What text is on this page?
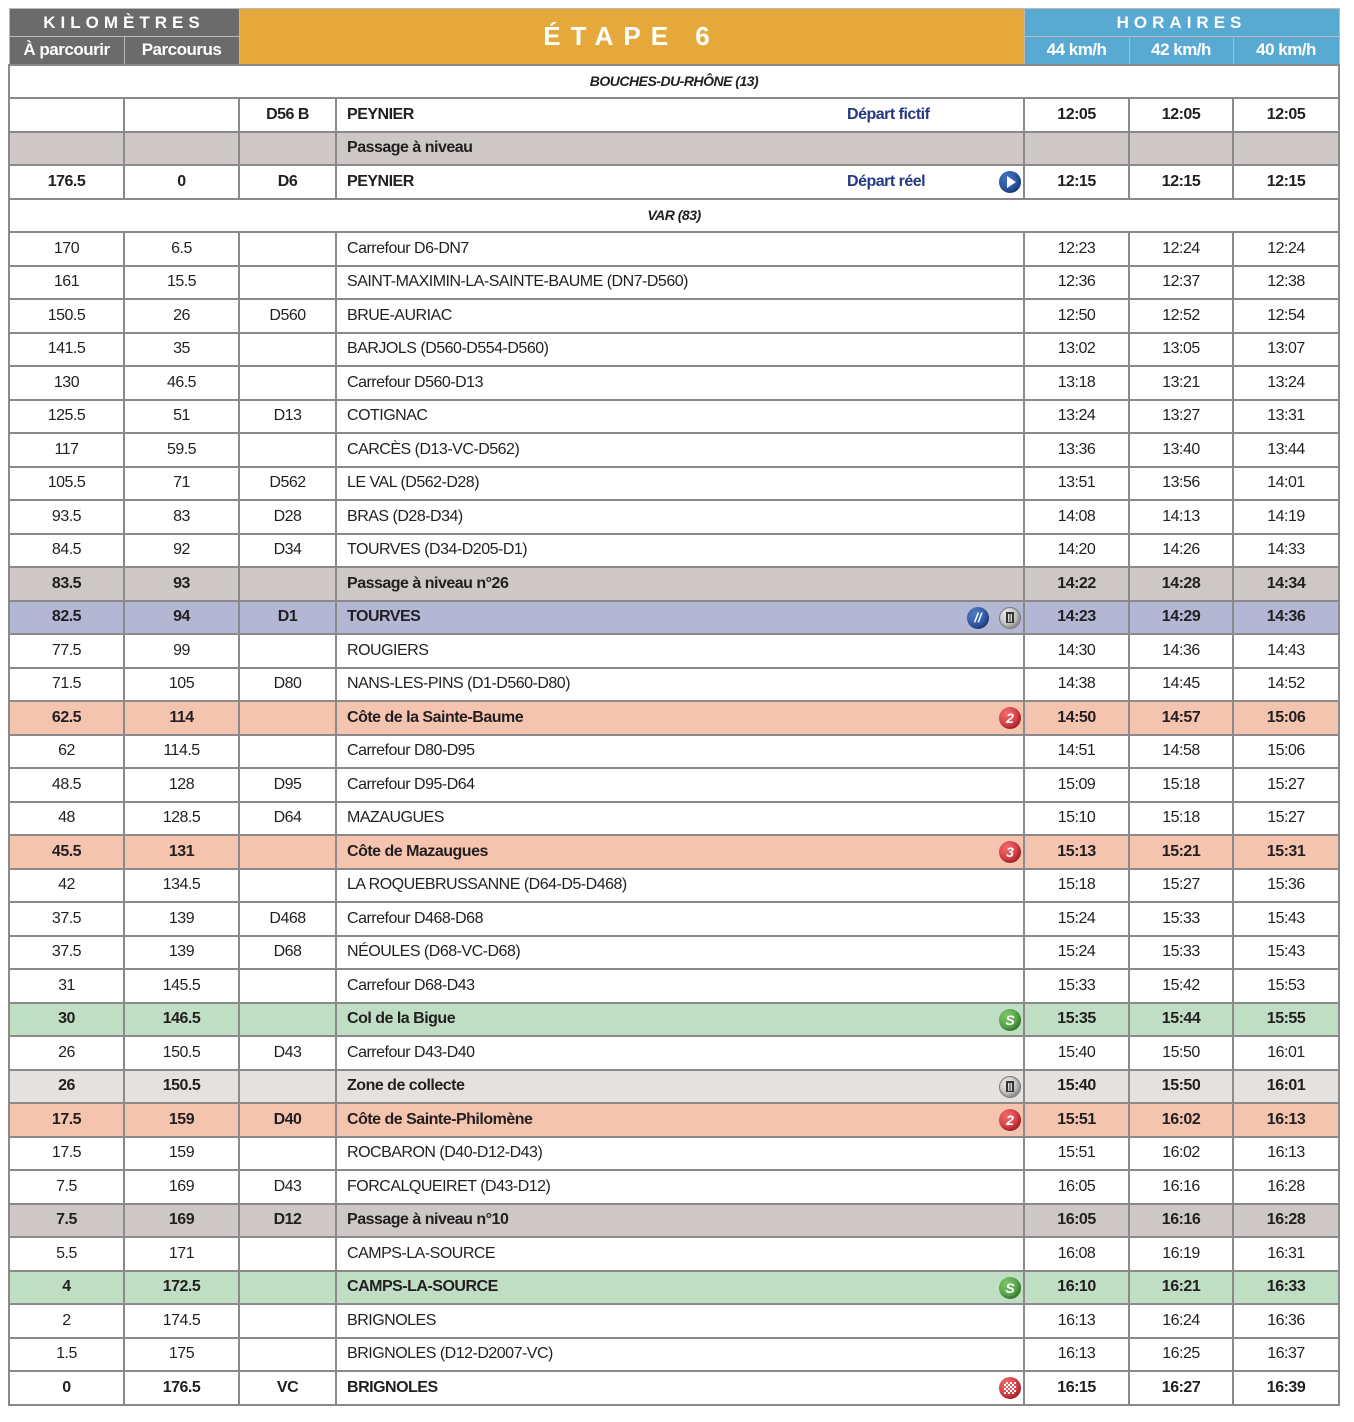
KILOMÈTRES		ÉTAPE 6		HORAIRES		
À parcourir	Parcourus			44 km/h	42 km/h	40 km/h
BOUCHES-DU-RHÔNE (13)						
		D56 B	PEYNIER Départ fictif	12:05	12:05	12:05
			Passage à niveau			
176.5	0	D6	PEYNIER Départ réel	12:15	12:15	12:15
VAR (83)						
170	6.5		Carrefour D6-DN7	12:23	12:24	12:24
161	15.5		SAINT-MAXIMIN-LA-SAINTE-BAUME (DN7-D560)	12:36	12:37	12:38
150.5	26	D560	BRUE-AURIAC	12:50	12:52	12:54
141.5	35		BARJOLS (D560-D554-D560)	13:02	13:05	13:07
130	46.5		Carrefour D560-D13	13:18	13:21	13:24
125.5	51	D13	COTIGNAC	13:24	13:27	13:31
117	59.5		CARCÈS (D13-VC-D562)	13:36	13:40	13:44
105.5	71	D562	LE VAL (D562-D28)	13:51	13:56	14:01
93.5	83	D28	BRAS (D28-D34)	14:08	14:13	14:19
84.5	92	D34	TOURVES (D34-D205-D1)	14:20	14:26	14:33
83.5	93		Passage à niveau n°26	14:22	14:28	14:34
82.5	94	D1	TOURVES //	14:23	14:29	14:36
77.5	99		ROUGIERS	14:30	14:36	14:43
71.5	105	D80	NANS-LES-PINS (D1-D560-D80)	14:38	14:45	14:52
62.5	114		Côte de la Sainte-Baume 2	14:50	14:57	15:06
62	114.5		Carrefour D80-D95	14:51	14:58	15:06
48.5	128	D95	Carrefour D95-D64	15:09	15:18	15:27
48	128.5	D64	MAZAUGUES	15:10	15:18	15:27
45.5	131		Côte de Mazaugues 3	15:13	15:21	15:31
42	134.5		LA ROQUEBRUSSANNE (D64-D5-D468)	15:18	15:27	15:36
37.5	139	D468	Carrefour D468-D68	15:24	15:33	15:43
37.5	139	D68	NÉOULES (D68-VC-D68)	15:24	15:33	15:43
31	145.5		Carrefour D68-D43	15:33	15:42	15:53
30	146.5		Col de la Bigue S	15:35	15:44	15:55
26	150.5	D43	Carrefour D43-D40	15:40	15:50	16:01
26	150.5		Zone de collecte	15:40	15:50	16:01
17.5	159	D40	Côte de Sainte-Philomène 2	15:51	16:02	16:13
17.5	159		ROCBARON (D40-D12-D43)	15:51	16:02	16:13
7.5	169	D43	FORCALQUEIRET (D43-D12)	16:05	16:16	16:28
7.5	169	D12	Passage à niveau n°10	16:05	16:16	16:28
5.5	171		CAMPS-LA-SOURCE	16:08	16:19	16:31
4	172.5		CAMPS-LA-SOURCE S	16:10	16:21	16:33
2	174.5		BRIGNOLES	16:13	16:24	16:36
1.5	175		BRIGNOLES (D12-D2007-VC)	16:13	16:25	16:37
0	176.5	VC	BRIGNOLES	16:15	16:27	16:39
